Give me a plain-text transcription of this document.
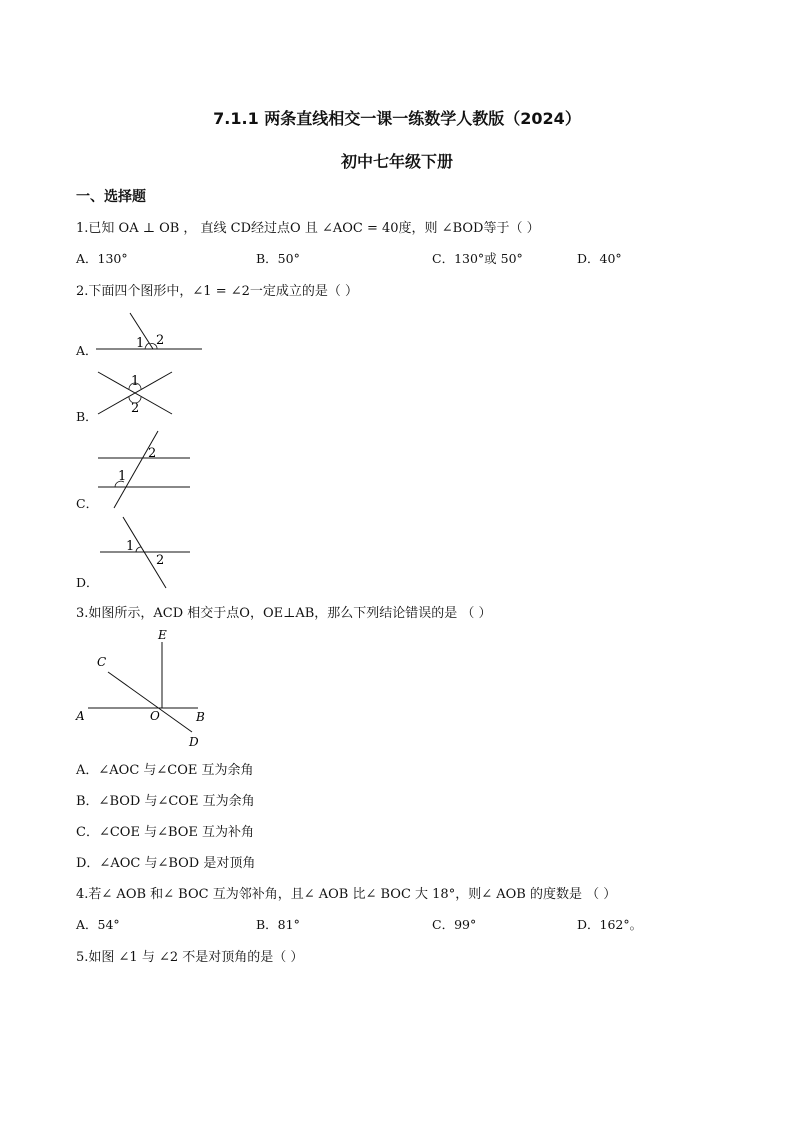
7.1.1 两条直线相交一课一练数学人教版（2024）
初中七年级下册
一、选择题
1.已知 OA ⊥ OB ， 直线 CD经过点O 且 ∠AOC = 40度，则 ∠BOD等于（ ）
A．130°	B．50°	C．130°或 50°	D．40°
2.下面四个图形中，∠1 = ∠2一定成立的是（ ）
A．	1 2
B．
1
2
C．
1
2
D．
1
2
3.如图所示，ACD 相交于点O，OE⊥AB，那么下列结论错误的是 （ ）
E
C
A	O	B
D
A．∠AOC 与∠COE 互为余角
B．∠BOD 与∠COE 互为余角
C．∠COE 与∠BOE 互为补角
D．∠AOC 与∠BOD 是对顶角
4.若∠ AOB 和∠ BOC 互为邻补角，且∠ AOB 比∠ BOC 大 18°，则∠ AOB 的度数是 （ ）
A．54°	B．81°	C．99°	D．162°。
5.如图 ∠1 与 ∠2 不是对顶角的是（ ）
